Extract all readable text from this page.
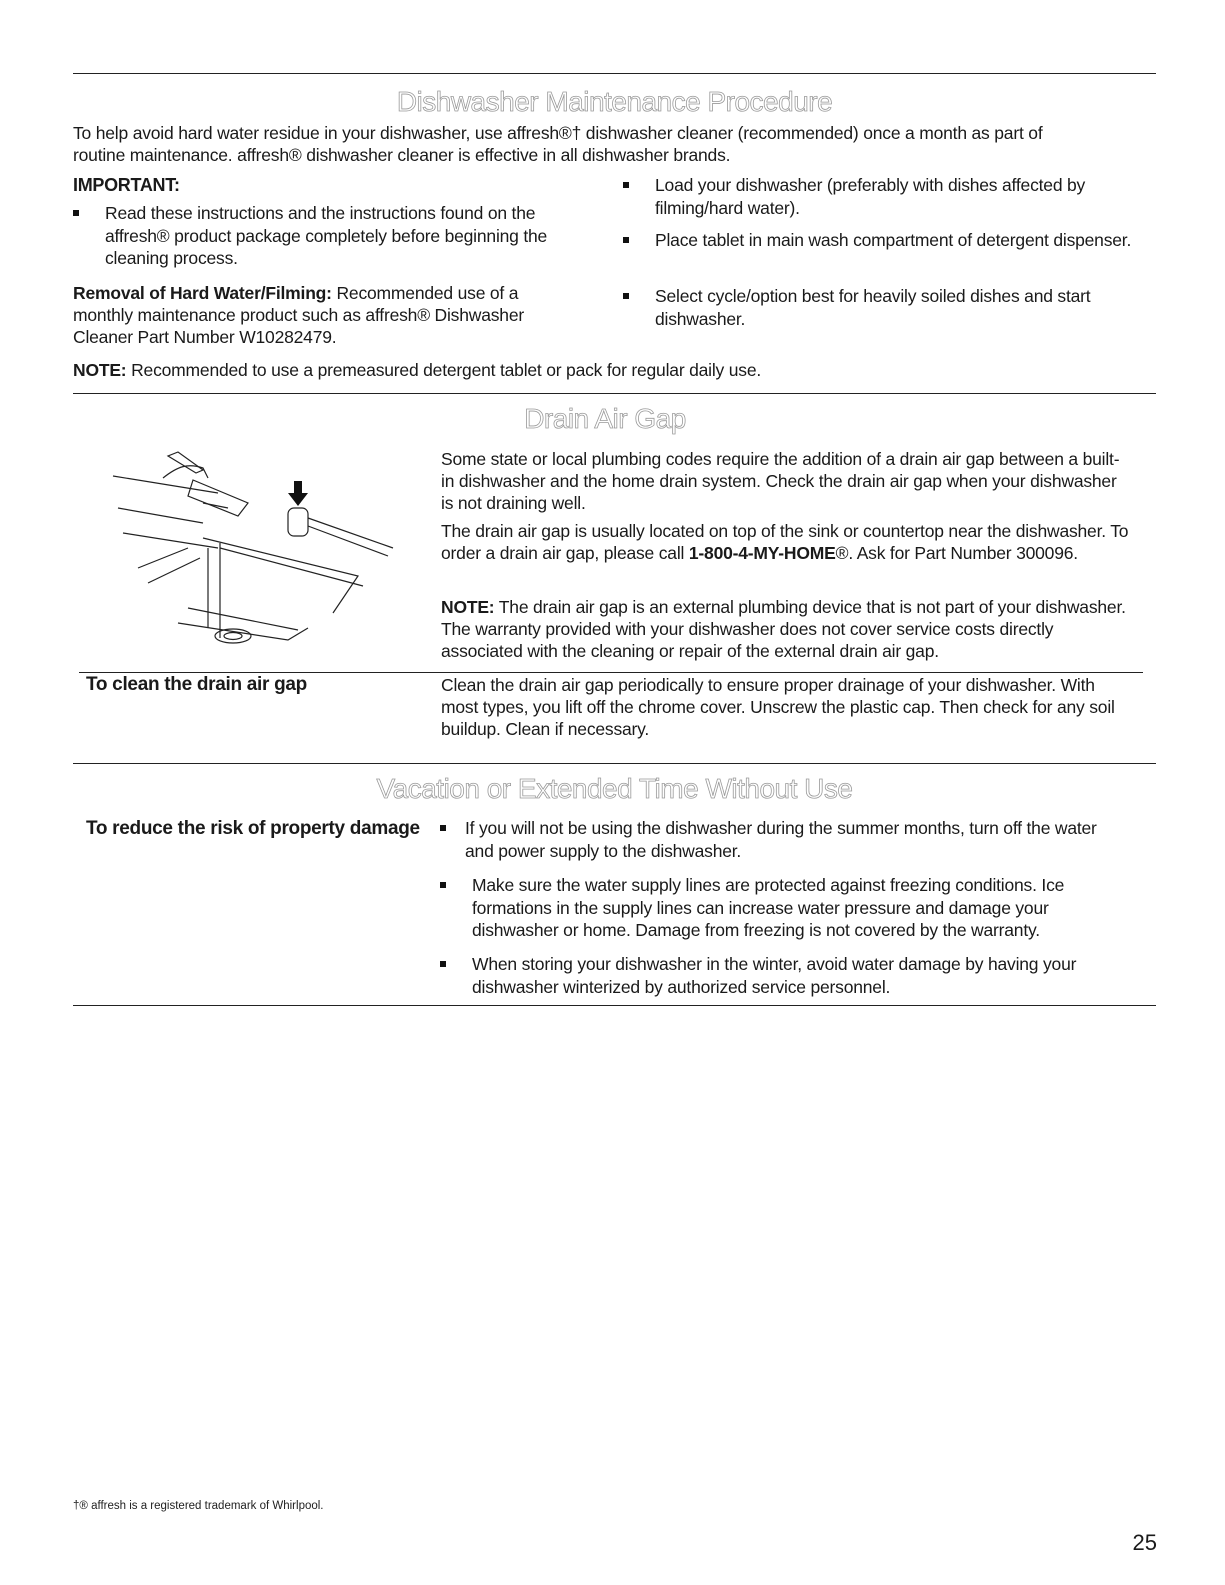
Dishwasher Maintenance Procedure
To help avoid hard water residue in your dishwasher, use affresh®† dishwasher cleaner (recommended) once a month as part of
routine maintenance. affresh® dishwasher cleaner is effective in all dishwasher brands.
IMPORTANT:
Read these instructions and the instructions found on the affresh® product package completely before beginning the cleaning process.
Removal of Hard Water/Filming: Recommended use of a monthly maintenance product such as affresh® Dishwasher Cleaner Part Number W10282479.
Load your dishwasher (preferably with dishes affected by filming/hard water).
Place tablet in main wash compartment of detergent dispenser.
Select cycle/option best for heavily soiled dishes and start dishwasher.
NOTE: Recommended to use a premeasured detergent tablet or pack for regular daily use.
Drain Air Gap
Some state or local plumbing codes require the addition of a drain air gap between a built-in dishwasher and the home drain system. Check the drain air gap when your dishwasher is not draining well.
The drain air gap is usually located on top of the sink or countertop near the dishwasher. To order a drain air gap, please call 1-800-4-MY-HOME®. Ask for Part Number 300096.
NOTE: The drain air gap is an external plumbing device that is not part of your dishwasher. The warranty provided with your dishwasher does not cover service costs directly associated with the cleaning or repair of the external drain air gap.
To clean the drain air gap	Clean the drain air gap periodically to ensure proper drainage of your dishwasher. With most types, you lift off the chrome cover. Unscrew the plastic cap. Then check for any soil buildup. Clean if necessary.
Vacation or Extended Time Without Use
To reduce the risk of property damage	If you will not be using the dishwasher during the summer months, turn off the water and power supply to the dishwasher.
Make sure the water supply lines are protected against freezing conditions. Ice formations in the supply lines can increase water pressure and damage your dishwasher or home. Damage from freezing is not covered by the warranty.
When storing your dishwasher in the winter, avoid water damage by having your dishwasher winterized by authorized service personnel.
†® affresh is a registered trademark of Whirlpool.
25
